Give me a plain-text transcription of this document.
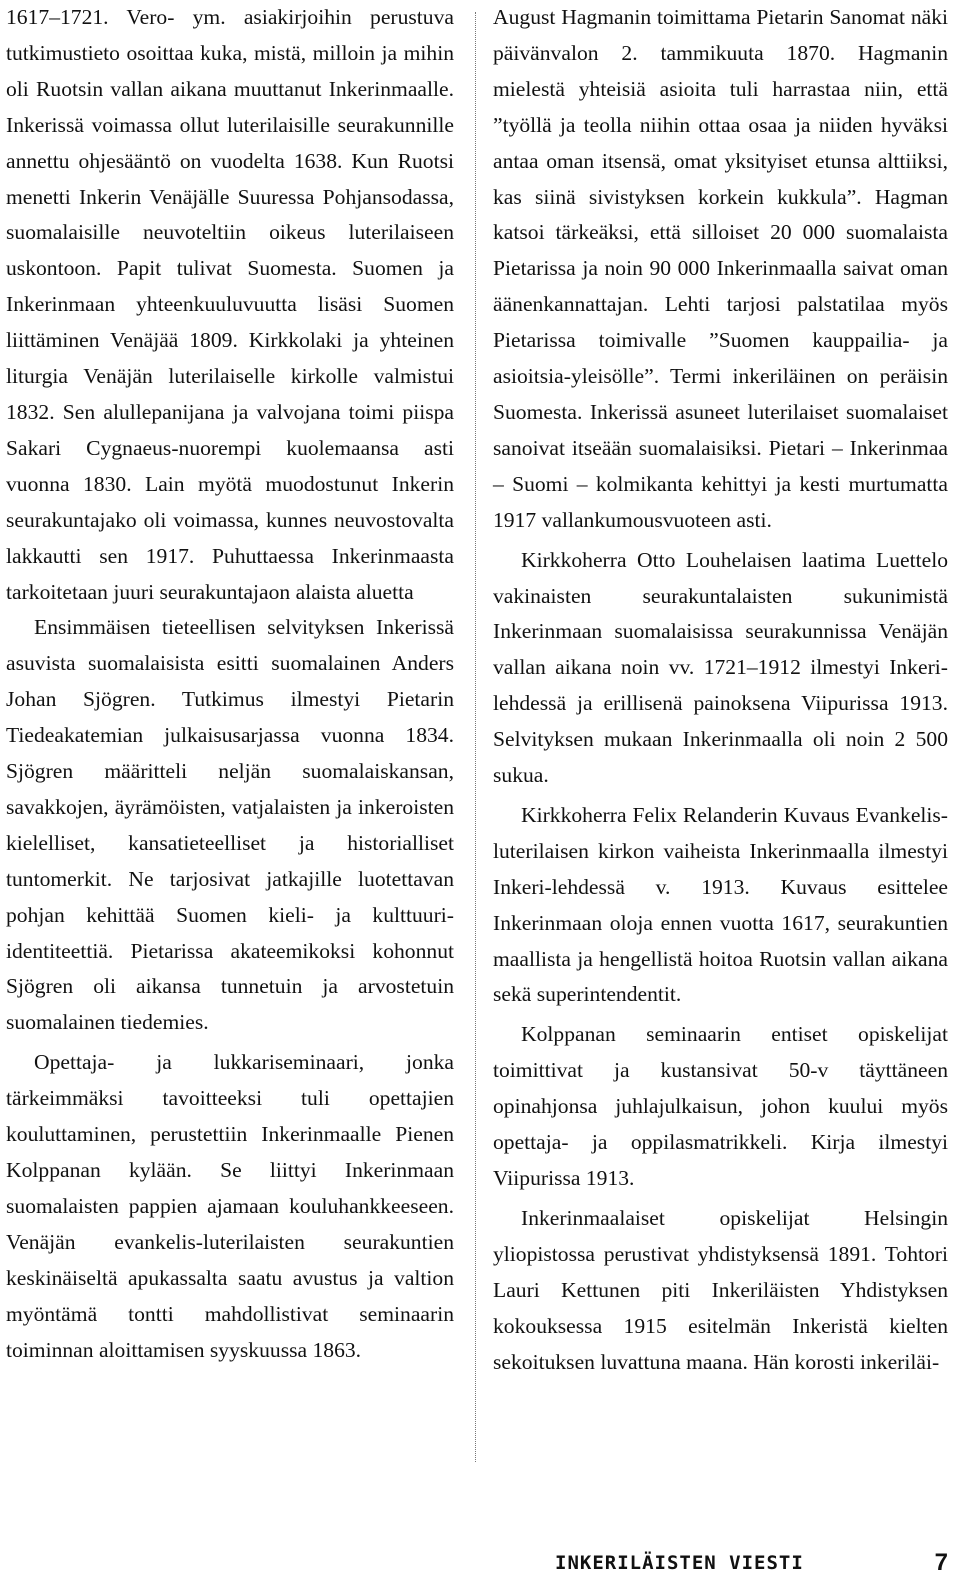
1617–1721. Vero- ym. asiakirjoihin perustuva tutkimustieto osoittaa kuka, mistä, milloin ja mihin oli Ruotsin vallan aikana muuttanut Inkerinmaalle. Inkerissä voimassa ollut luterilaisille seurakunnille annettu ohjesääntö on vuodelta 1638. Kun Ruotsi menetti Inkerin Venäjälle Suuressa Pohjansodassa, suomalaisille neuvoteltiin oikeus luterilaiseen uskontoon. Papit tulivat Suomesta. Suomen ja Inkerinmaan yhteenkuuluvuutta lisäsi Suomen liittäminen Venäjää 1809. Kirkkolaki ja yhteinen liturgia Venäjän luterilaiselle kirkolle valmistui 1832. Sen alullepanijana ja valvojana toimi piispa Sakari Cygnaeus-nuorempi kuolemaansa asti vuonna 1830. Lain myötä muodostunut Inkerin seurakuntajako oli voimassa, kunnes neuvostovalta lakkautti sen 1917. Puhuttaessa Inkerinmaasta tarkoitetaan juuri seurakuntajaon alaista aluetta

Ensimmäisen tieteellisen selvityksen Inkerissä asuvista suomalaisista esitti suomalainen Anders Johan Sjögren. Tutkimus ilmestyi Pietarin Tiedeakatemian julkaisusarjassa vuonna 1834. Sjögren määritteli neljän suomalaiskansan, savakkojen, äyrämöisten, vatjalaisten ja inkeroisten kielelliset, kansatieteelliset ja historialliset tuntomerkit. Ne tarjosivat jatkajille luotettavan pohjan kehittää Suomen kieli- ja kulttuuri-identiteettiä. Pietarissa akateemikoksi kohonnut Sjögren oli aikansa tunnetuin ja arvostetuin suomalainen tiedemies.

Opettaja- ja lukkariseminaari, jonka tärkeimmäksi tavoitteeksi tuli opettajien kouluttaminen, perustettiin Inkerinmaalle Pienen Kolppanan kylään. Se liittyi Inkerinmaan suomalaisten pappien ajamaan kouluhankkeeseen. Venäjän evankelis-luterilaisten seurakuntien keskinäiseltä apukassalta saatu avustus ja valtion myöntämä tontti mahdollistivat seminaarin toiminnan aloittamisen syyskuussa 1863.

August Hagmanin toimittama Pietarin Sanomat näki päivänvalon 2. tammikuuta 1870. Hagmanin mielestä yhteisiä asioita tuli harrastaa niin, että ”työllä ja teolla niihin ottaa osaa ja niiden hyväksi antaa oman itsensä, omat yksityiset etunsa alttiiksi, kas siinä sivistyksen korkein kukkula”. Hagman katsoi tärkeäksi, että silloiset 20 000 suomalaista Pietarissa ja noin 90 000 Inkerinmaalla saivat oman äänenkannattajan. Lehti tarjosi palstatilaa myös Pietarissa toimivalle ”Suomen kauppailia- ja asioitsia-yleisölle”. Termi inkeriläinen on peräisin Suomesta. Inkerissä asuneet luterilaiset suomalaiset sanoivat itseään suomalaisiksi. Pietari – Inkerinmaa – Suomi – kolmikanta kehittyi ja kesti murtumatta 1917 vallankumousvuoteen asti.

Kirkkoherra Otto Louhelaisen laatima Luettelo vakinaisten seurakuntalaisten sukunimistä Inkerinmaan suomalaisissa seurakunnissa Venäjän vallan aikana noin vv. 1721–1912 ilmestyi Inkeri-lehdessä ja erillisenä painoksena Viipurissa 1913. Selvityksen mukaan Inkerinmaalla oli noin 2 500 sukua.

Kirkkoherra Felix Relanderin Kuvaus Evankelis-luterilaisen kirkon vaiheista Inkerinmaalla ilmestyi Inkeri-lehdessä v. 1913. Kuvaus esittelee Inkerinmaan oloja ennen vuotta 1617, seurakuntien maallista ja hengellistä hoitoa Ruotsin vallan aikana sekä superintendentit.

Kolppanan seminaarin entiset opiskelijat toimittivat ja kustansivat 50-v täyttäneen opinahjonsa juhlajulkaisun, johon kuului myös opettaja- ja oppilasmatrikkeli. Kirja ilmestyi Viipurissa 1913.

Inkerinmaalaiset opiskelijat Helsingin yliopistossa perustivat yhdistyksensä 1891. Tohtori Lauri Kettunen piti Inkeriläisten Yhdistyksen kokouksessa 1915 esitelmän Inkeristä kielten sekoituksen luvattuna maana. Hän korosti inkeriläi-

INKERILÄISTEN VIESTI	7
